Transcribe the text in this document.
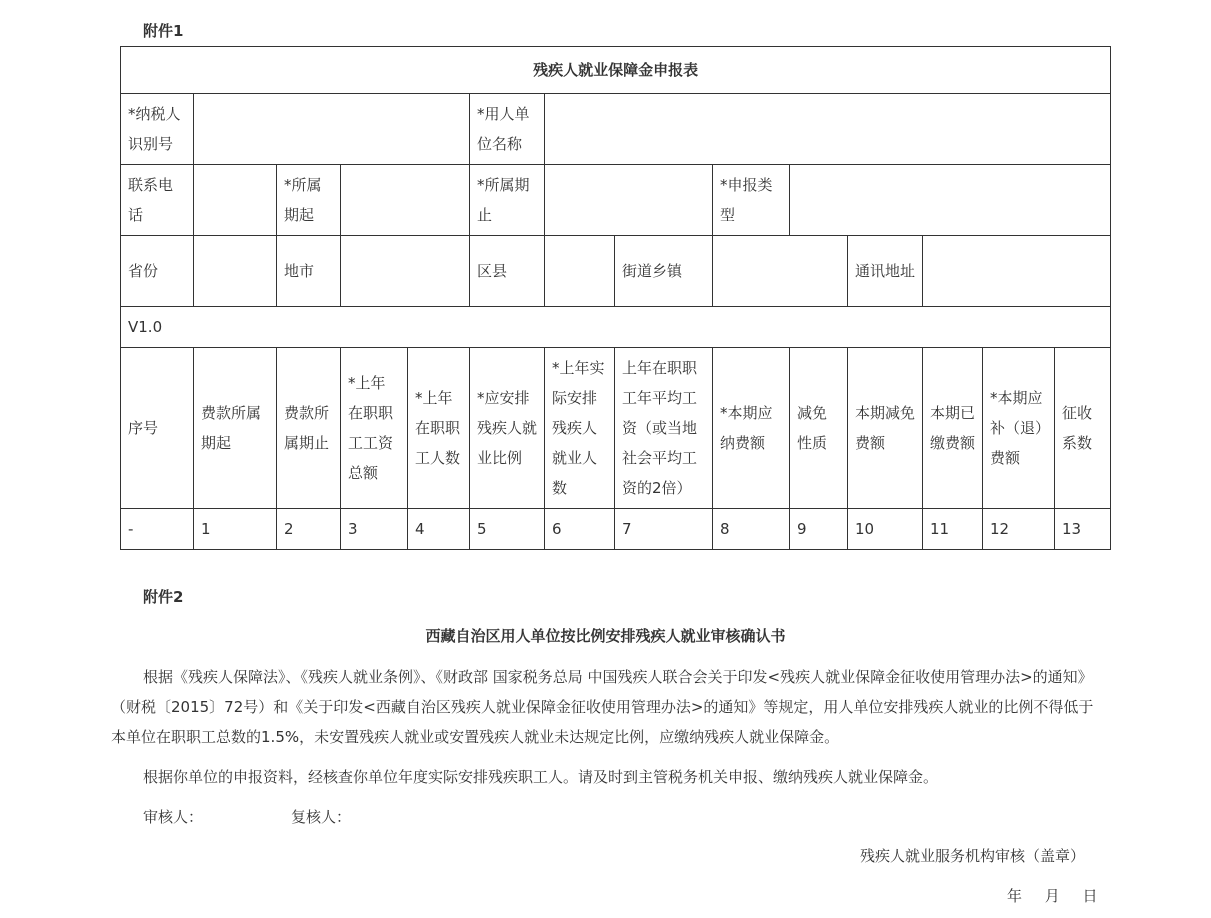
附件1
残疾人就业保障金申报表													
*纳税人识别号					*用人单位名称								
联系电话		*所属期起			*所属期止			*申报类型					
省份		地市			区县		街道乡镇			通讯地址			
V1.0													
序号	费款所属期起	费款所属期止	*上年在职职工工资总额	*上年在职职工人数	*应安排残疾人就业比例	*上年实际安排残疾人就业人数	上年在职职工年平均工资（或当地社会平均工资的2倍）	*本期应纳费额	减免性质	本期减免费额	本期已缴费额	*本期应补（退）费额	征收系数
-	1	2	3	4	5	6	7	8	9	10	11	12	13
附件2
西藏自治区用人单位按比例安排残疾人就业审核确认书

根据《残疾人保障法》、《残疾人就业条例》、《财政部 国家税务总局 中国残疾人联合会关于印发<残疾人就业保障金征收使用管理办法>的通知》（财税〔2015〕72号）和《关于印发<西藏自治区残疾人就业保障金征收使用管理办法>的通知》等规定，用人单位安排残疾人就业的比例不得低于本单位在职职工总数的1.5%，未安置残疾人就业或安置残疾人就业未达规定比例，应缴纳残疾人就业保障金。

根据你单位的申报资料，经核查你单位年度实际安排残疾职工人。请及时到主管税务机关申报、缴纳残疾人就业保障金。

审核人：	复核人：
残疾人就业服务机构审核（盖章）
年 月 日
